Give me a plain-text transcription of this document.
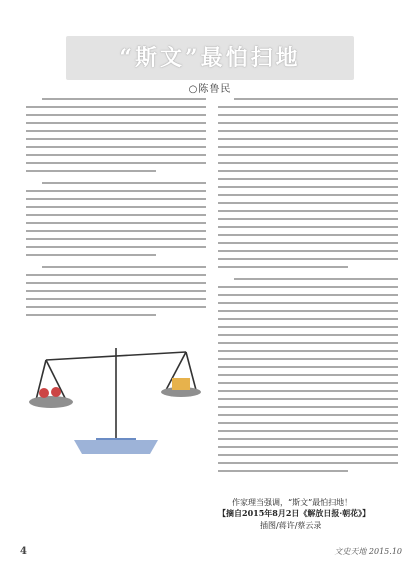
“斯文”最怕扫地
○陈鲁民
作家理当强调，“斯文”最怕扫地！
【摘自2015年8月2日《解放日报·朝花》】
插图/蒋许/蔡云录
4	文史天地 2015.10
